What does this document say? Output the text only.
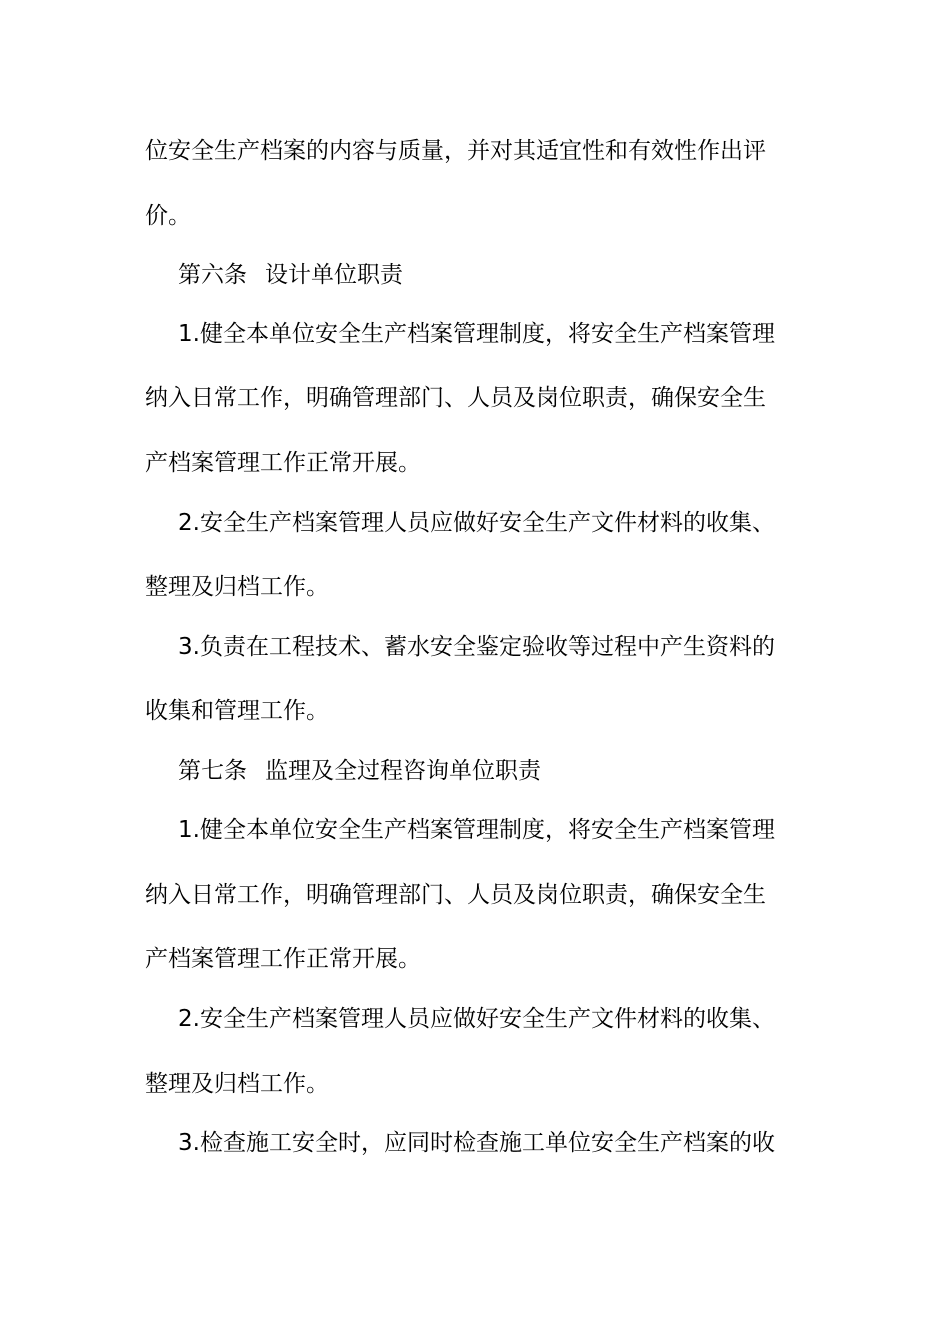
位安全生产档案的内容与质量，并对其适宜性和有效性作出评
价。
第六条 设计单位职责
1.健全本单位安全生产档案管理制度，将安全生产档案管理
纳入日常工作，明确管理部门、人员及岗位职责，确保安全生
产档案管理工作正常开展。
2.安全生产档案管理人员应做好安全生产文件材料的收集、
整理及归档工作。
3.负责在工程技术、蓄水安全鉴定验收等过程中产生资料的
收集和管理工作。
第七条 监理及全过程咨询单位职责
1.健全本单位安全生产档案管理制度，将安全生产档案管理
纳入日常工作，明确管理部门、人员及岗位职责，确保安全生
产档案管理工作正常开展。
2.安全生产档案管理人员应做好安全生产文件材料的收集、
整理及归档工作。
3.检查施工安全时，应同时检查施工单位安全生产档案的收
